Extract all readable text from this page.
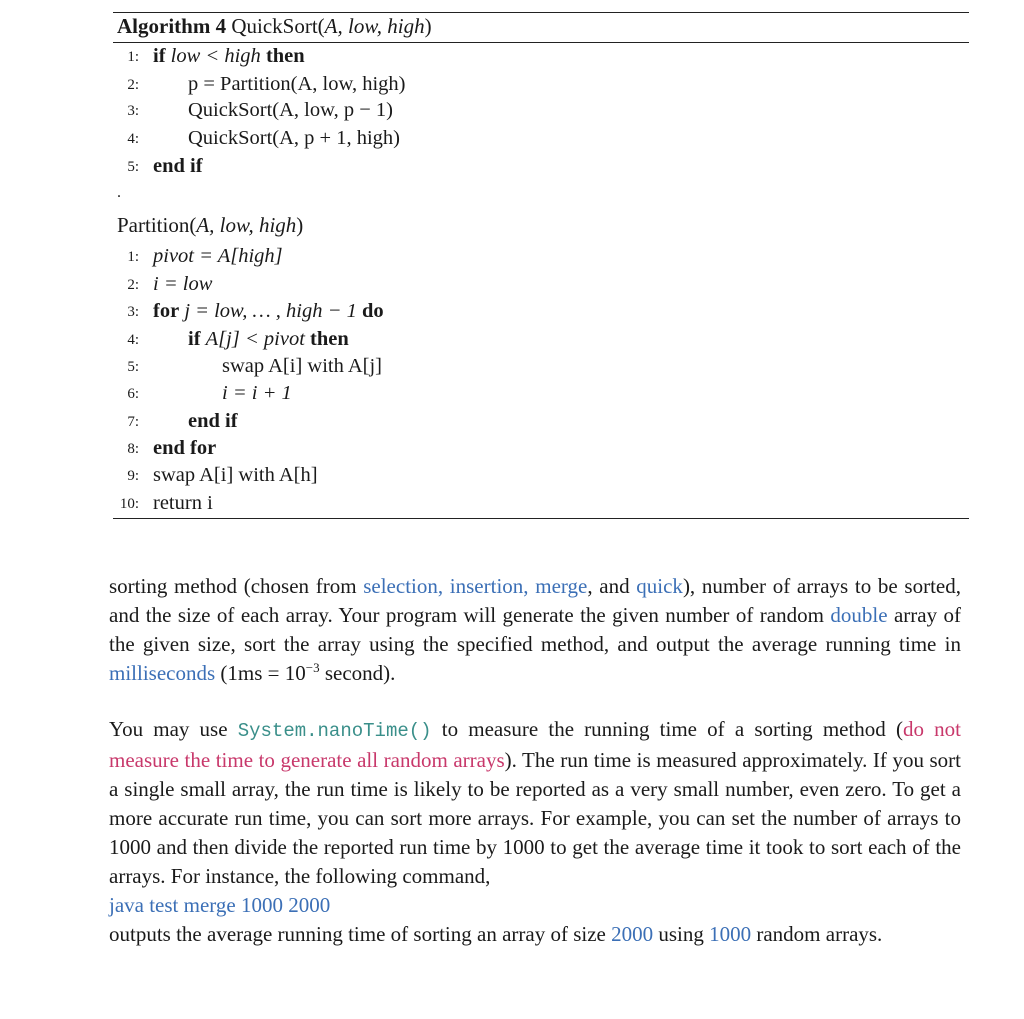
Algorithm 4 QuickSort(A, low, high)
1: if low < high then
2: p = Partition(A, low, high)
3: QuickSort(A, low, p − 1)
4: QuickSort(A, p + 1, high)
5: end if
.
Partition(A, low, high)
1: pivot = A[high]
2: i = low
3: for j = low, … , high − 1 do
4: if A[j] < pivot then
5:	swap A[i] with A[j]
6:	i = i + 1
7: end if
8: end for
9: swap A[i] with A[h]
10: return i

sorting method (chosen from selection, insertion, merge, and quick), number of arrays to be sorted, and the size of each array. Your program will generate the given number of random double array of the given size, sort the array using the specified method, and output the average running time in milliseconds ($1ms = 10^{-3}$ second).

You may use System.nanoTime() to measure the running time of a sorting method (do not measure the time to generate all random arrays). The run time is measured approximately. If you sort a single small array, the run time is likely to be reported as a very small number, even zero. To get a more accurate run time, you can sort more arrays. For example, you can set the number of arrays to 1000 and then divide the reported run time by 1000 to get the average time it took to sort each of the arrays. For instance, the following command,
java test merge 1000 2000
outputs the average running time of sorting an array of size 2000 using 1000 random arrays.
